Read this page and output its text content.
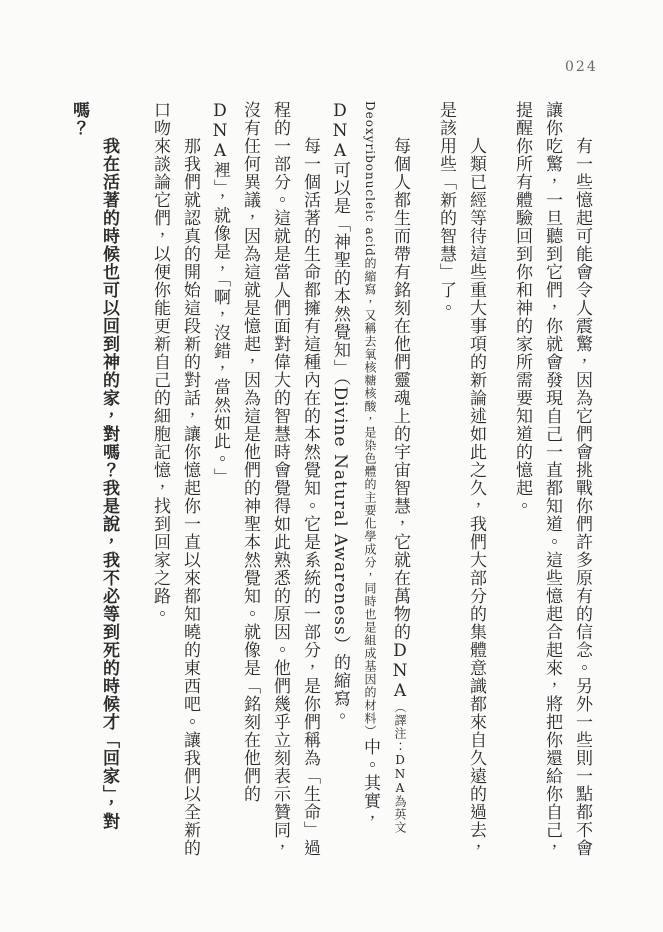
024

有一些憶起可能會令人震驚，因為它們會挑戰你們許多原有的信念。另外一些則一點都不會讓你吃驚，一旦聽到它們，你就會發現自己一直都知道。這些憶起合起來，將把你還給你自己，提醒你所有體驗回到你和神的家所需要知道的憶起。

人類已經等待這些重大事項的新論述如此之久，我們大部分的集體意識都來自久遠的過去，是該用些「新的智慧」了。

每個人都生而帶有銘刻在他們靈魂上的宇宙智慧，它就在萬物的DNA（譯注：DNA為英文Deoxyribonucleic acid的縮寫，又稱去氧核糖核酸，是染色體的主要化學成分，同時也是組成基因的材料）中。其實，DNA可以是「神聖的本然覺知」（Divine Natural Awareness）的縮寫。

每一個活著的生命都擁有這種內在的本然覺知。它是系統的一部分，是你們稱為「生命」過程的一部分。這就是當人們面對偉大的智慧時會覺得如此熟悉的原因。他們幾乎立刻表示贊同，沒有任何異議，因為這就是憶起，因為這是他們的神聖本然覺知。就像是「銘刻在他們的DNA裡」，就像是，「啊，沒錯，當然如此。」

那我們就認真的開始這段新的對話，讓你憶起你一直以來都知曉的東西吧。讓我們以全新的口吻來談論它們，以便你能更新自己的細胞記憶，找到回家之路。

我在活著的時候也可以回到神的家，對嗎？我是說，我不必等到死的時候才「回家」，對嗎？
